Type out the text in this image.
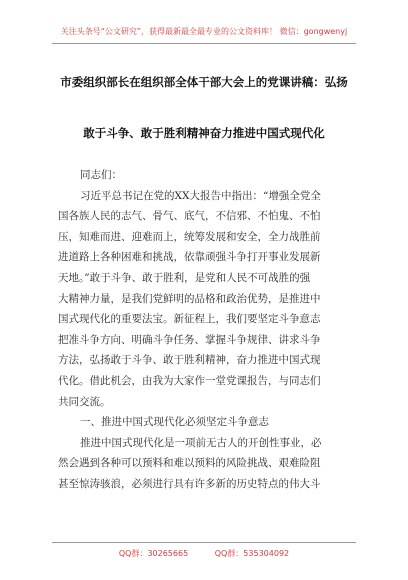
关注头条号“公文研究”，获得最新最全最专业的公文资料库！ 微信：gongwenyj
市委组织部长在组织部全体干部大会上的党课讲稿：弘扬
敢于斗争、敢于胜利精神奋力推进中国式现代化

同志们：

习近平总书记在党的XX大报告中指出：“增强全党全

国各族人民的志气、骨气、底气，不信邪、不怕鬼、不怕

压，知难而进、迎难而上，统筹发展和安全，全力战胜前

进道路上各种困难和挑战，依靠顽强斗争打开事业发展新

天地。”敢于斗争、敢于胜利，是党和人民不可战胜的强

大精神力量，是我们党鲜明的品格和政治优势，是推进中

国式现代化的重要法宝。新征程上，我们要坚定斗争意志

把准斗争方向、明确斗争任务、掌握斗争规律、讲求斗争

方法，弘扬敢于斗争、敢于胜利精神，奋力推进中国式现

代化。借此机会，由我为大家作一堂党课报告，与同志们

共同交流。

一、推进中国式现代化必须坚定斗争意志

推进中国式现代化是一项前无古人的开创性事业，必

然会遇到各种可以预料和难以预料的风险挑战、艰难险阻

甚至惊涛骇浪，必须进行具有许多新的历史特点的伟大斗

QQ群：30265665	QQ群：535304092
